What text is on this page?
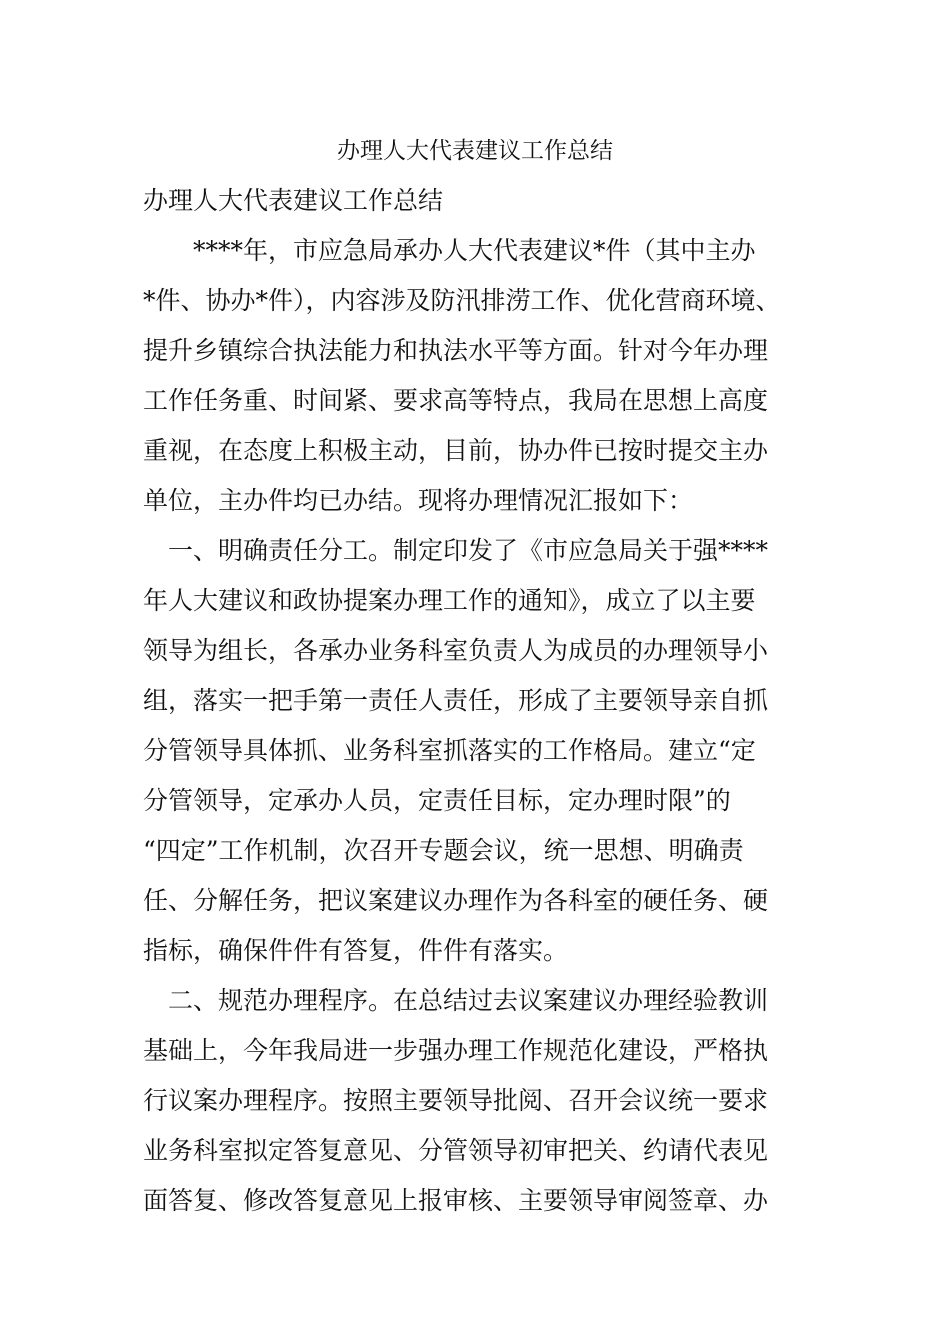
办理人大代表建议工作总结
办理人大代表建议工作总结
　　****年，市应急局承办人大代表建议*件（其中主办
*件、协办*件），内容涉及防汛排涝工作、优化营商环境、
提升乡镇综合执法能力和执法水平等方面。针对今年办理
工作任务重、时间紧、要求高等特点，我局在思想上高度
重视，在态度上积极主动，目前，协办件已按时提交主办
单位，主办件均已办结。现将办理情况汇报如下：
　一、明确责任分工。制定印发了《市应急局关于强****
年人大建议和政协提案办理工作的通知》，成立了以主要
领导为组长，各承办业务科室负责人为成员的办理领导小
组，落实一把手第一责任人责任，形成了主要领导亲自抓
分管领导具体抓、业务科室抓落实的工作格局。建立“定
分管领导，定承办人员，定责任目标，定办理时限”的
“四定”工作机制，次召开专题会议，统一思想、明确责
任、分解任务，把议案建议办理作为各科室的硬任务、硬
指标，确保件件有答复，件件有落实。
　二、规范办理程序。在总结过去议案建议办理经验教训
基础上，今年我局进一步强办理工作规范化建设，严格执
行议案办理程序。按照主要领导批阅、召开会议统一要求
业务科室拟定答复意见、分管领导初审把关、约请代表见
面答复、修改答复意见上报审核、主要领导审阅签章、办
